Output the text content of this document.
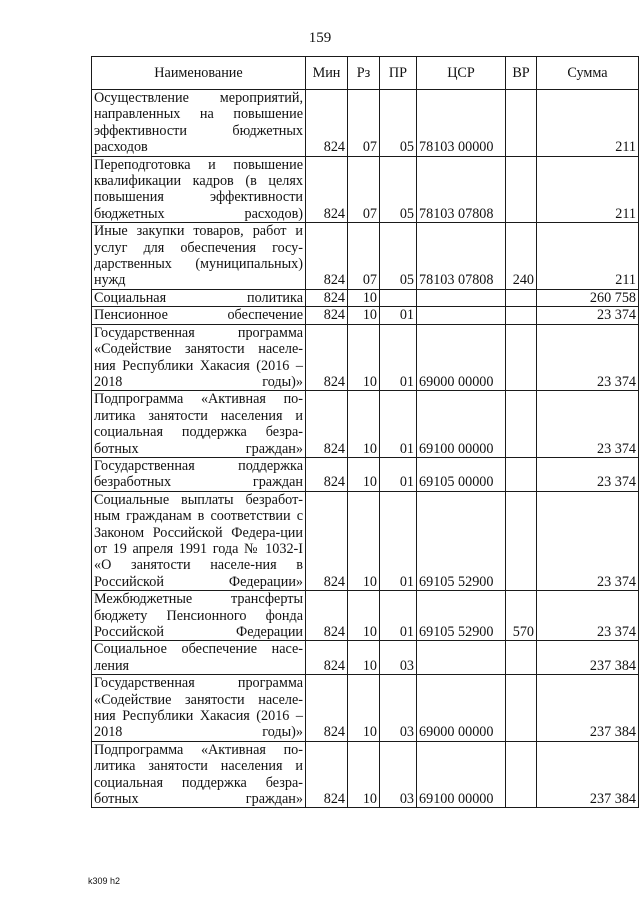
159
Наименование	Мин	Рз	ПР	ЦСР	ВР	Сумма
Осуществление мероприятий, направленных на повышение эффективности бюджетных расходов	824	07	05	78103 00000		211
Переподготовка и повышение квалификации кадров (в целях повышения эффективности бюджетных расходов)	824	07	05	78103 07808		211
Иные закупки товаров, работ и услуг для обеспечения госу-дарственных (муниципальных) нужд	824	07	05	78103 07808	240	211
Социальная политика	824	10				260 758
Пенсионное обеспечение	824	10	01			23 374
Государственная программа «Содействие занятости населе-ния Республики Хакасия (2016 – 2018 годы)»	824	10	01	69000 00000		23 374
Подпрограмма «Активная по-литика занятости населения и социальная поддержка безра-ботных граждан»	824	10	01	69100 00000		23 374
Государственная поддержка безработных граждан	824	10	01	69105 00000		23 374
Социальные выплаты безработ-ным гражданам в соответствии с Законом Российской Федера-ции от 19 апреля 1991 года № 1032-I «О занятости населе-ния в Российской Федерации»	824	10	01	69105 52900		23 374
Межбюджетные трансферты бюджету Пенсионного фонда Российской Федерации	824	10	01	69105 52900	570	23 374
Социальное обеспечение насе-ления	824	10	03			237 384
Государственная программа «Содействие занятости населе-ния Республики Хакасия (2016 – 2018 годы)»	824	10	03	69000 00000		237 384
Подпрограмма «Активная по-литика занятости населения и социальная поддержка безра-ботных граждан»	824	10	03	69100 00000		237 384
k309 h2
